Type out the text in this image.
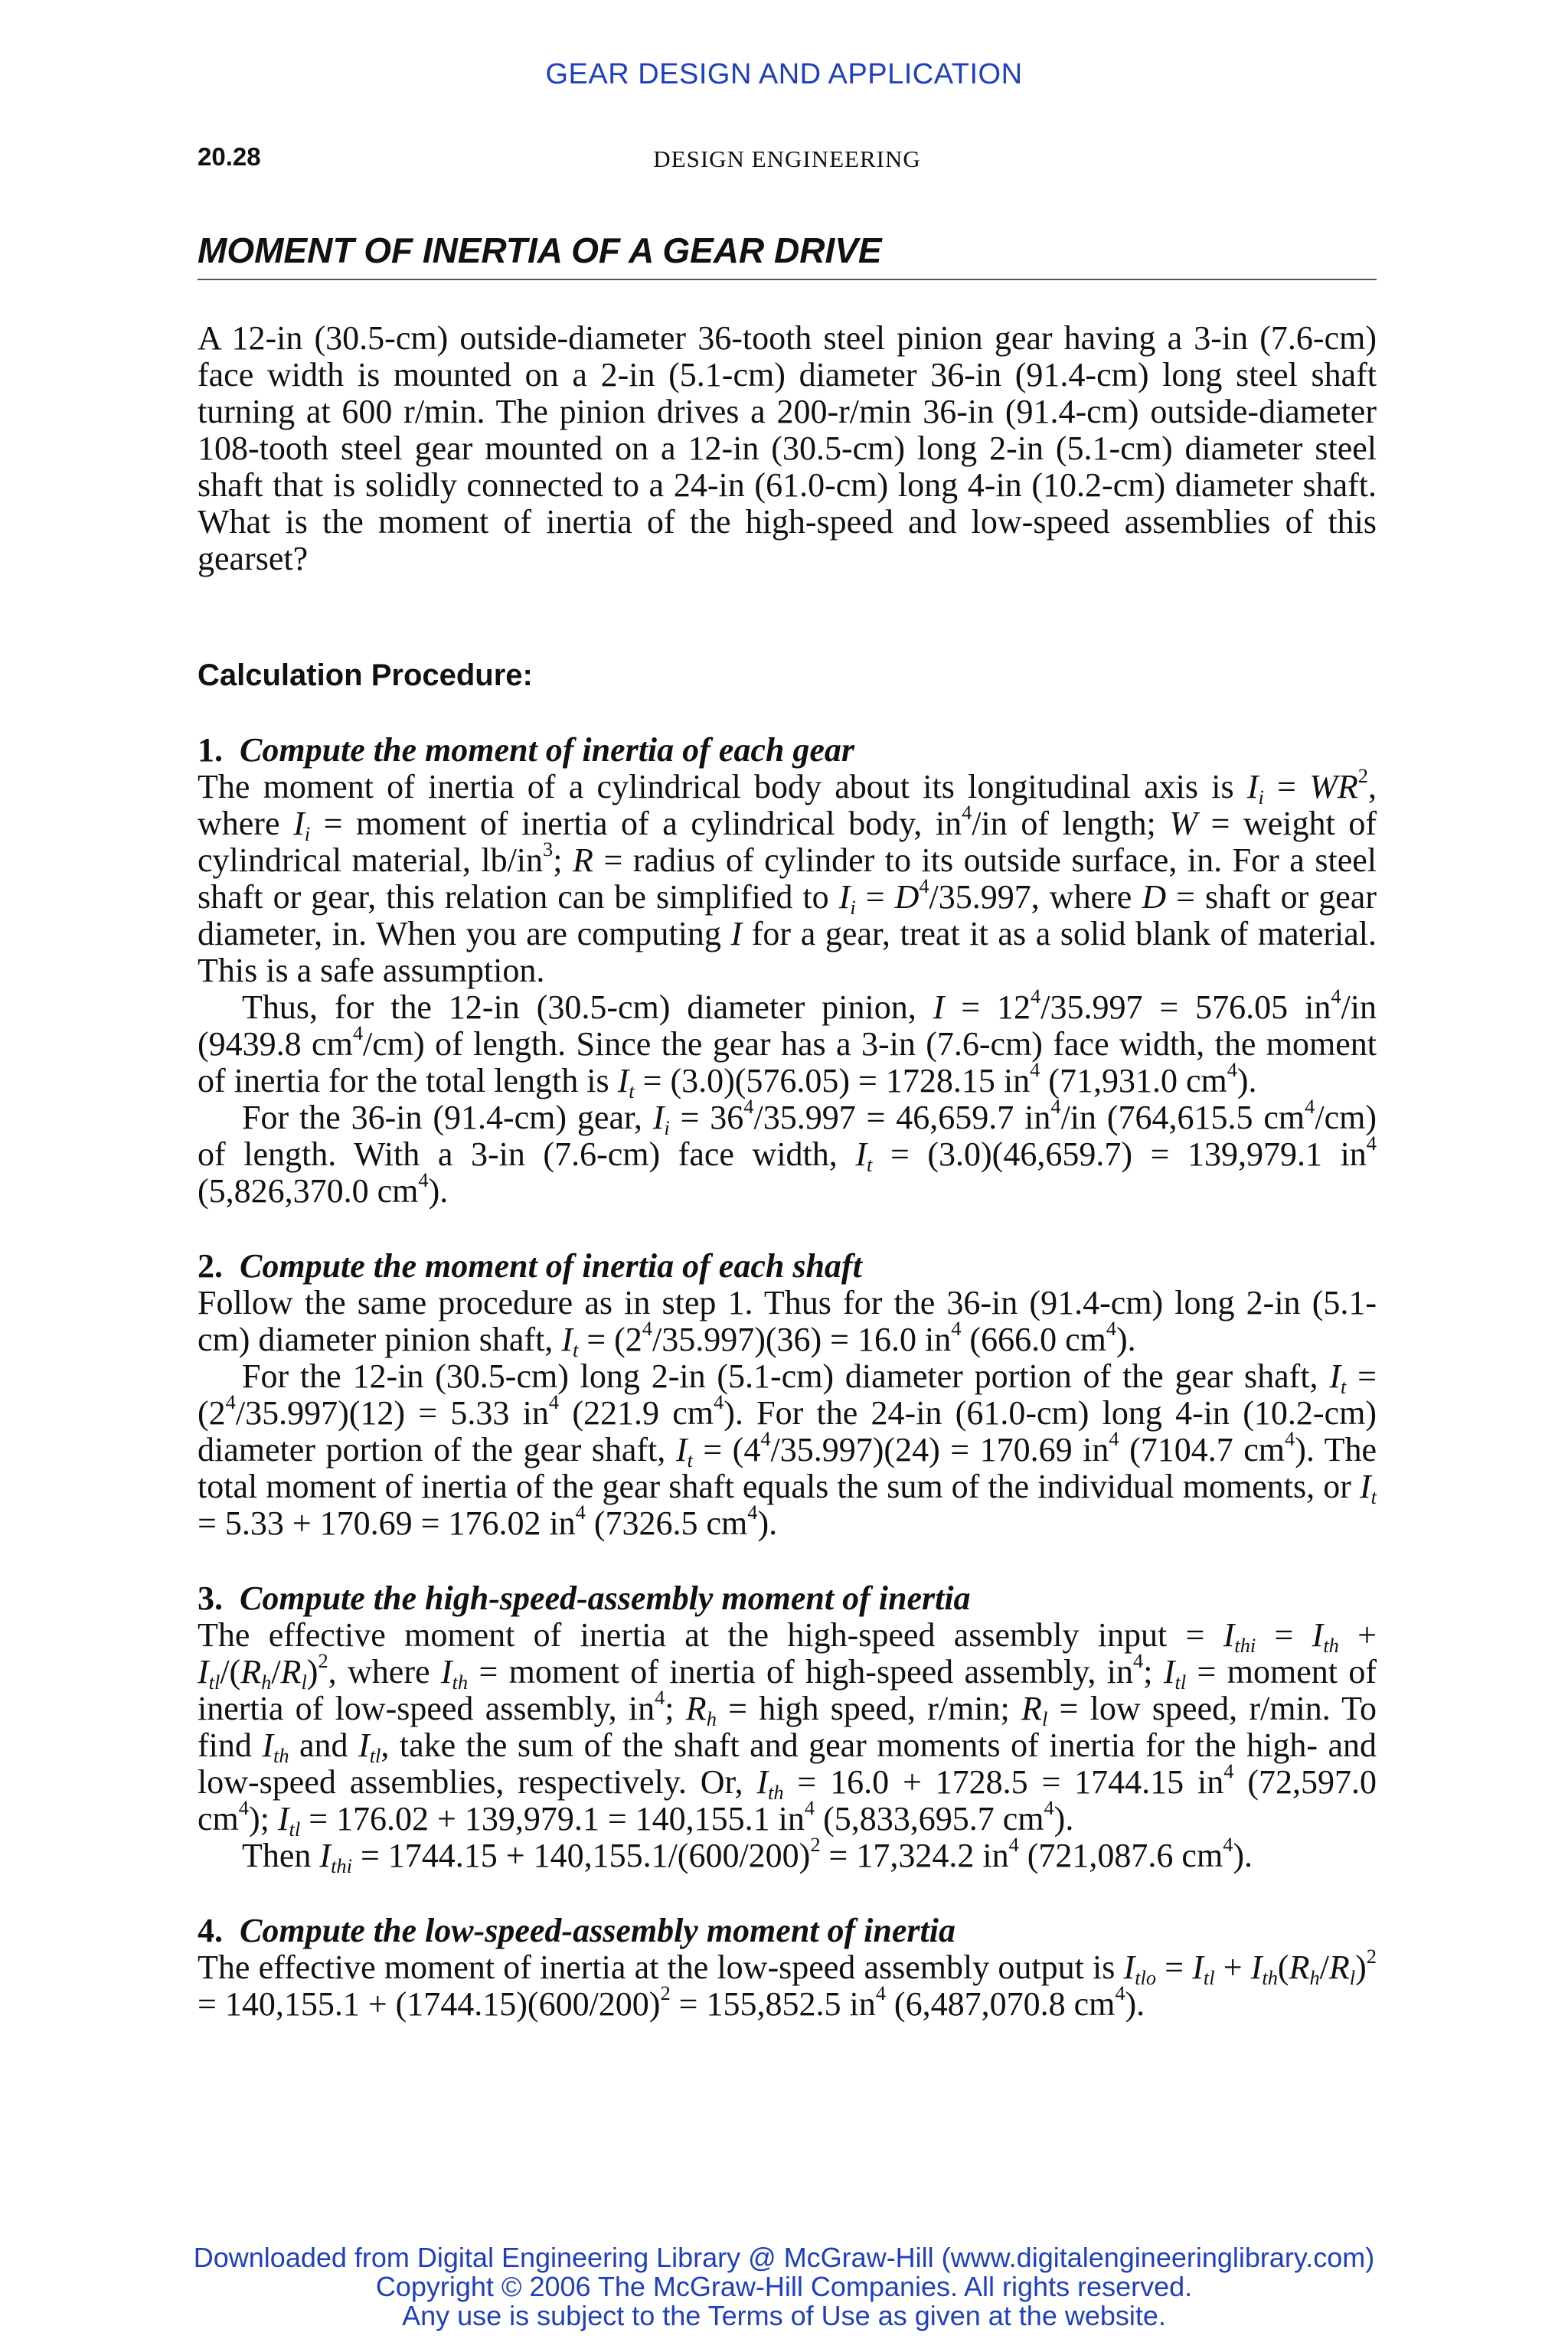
GEAR DESIGN AND APPLICATION
20.28	DESIGN ENGINEERING
MOMENT OF INERTIA OF A GEAR DRIVE

A 12-in (30.5-cm) outside-diameter 36-tooth steel pinion gear having a 3-in (7.6-cm) face width is mounted on a 2-in (5.1-cm) diameter 36-in (91.4-cm) long steel shaft turning at 600 r/min. The pinion drives a 200-r/min 36-in (91.4-cm) outside-diameter 108-tooth steel gear mounted on a 12-in (30.5-cm) long 2-in (5.1-cm) diameter steel shaft that is solidly connected to a 24-in (61.0-cm) long 4-in (10.2-cm) diameter shaft. What is the moment of inertia of the high-speed and low-speed assemblies of this gearset?

Calculation Procedure:

1. Compute the moment of inertia of each gear

The moment of inertia of a cylindrical body about its longitudinal axis is $I_i = WR^2$, where $I_i$ = moment of inertia of a cylindrical body, $in^4/in$ of length; W = weight of cylindrical material, $lb/in^3$; R = radius of cylinder to its outside surface, in. For a steel shaft or gear, this relation can be simplified to $I_i = D^4/35.997$, where D = shaft or gear diameter, in. When you are computing I for a gear, treat it as a solid blank of material. This is a safe assumption.

Thus, for the 12-in (30.5-cm) diameter pinion, $I = 12^4/35.997 = 576.05$ $in^4/in$ (9439.8 $cm^4/cm$) of length. Since the gear has a 3-in (7.6-cm) face width, the moment of inertia for the total length is $I_t = (3.0)(576.05) = 1728.15$ $in^4$ (71,931.0 $cm^4$).

For the 36-in (91.4-cm) gear, $I_i = 36^4/35.997 = 46,659.7$ $in^4/in$ (764,615.5 $cm^4/cm$) of length. With a 3-in (7.6-cm) face width, $I_t = (3.0)(46,659.7) = 139,979.1$ $in^4$ (5,826,370.0 $cm^4$).

2. Compute the moment of inertia of each shaft

Follow the same procedure as in step 1. Thus for the 36-in (91.4-cm) long 2-in (5.1-cm) diameter pinion shaft, $I_t = (2^4/35.997)(36) = 16.0$ $in^4$ (666.0 $cm^4$).

For the 12-in (30.5-cm) long 2-in (5.1-cm) diameter portion of the gear shaft, $I_t = (2^4/35.997)(12) = 5.33$ $in^4$ (221.9 $cm^4$). For the 24-in (61.0-cm) long 4-in (10.2-cm) diameter portion of the gear shaft, $I_t = (4^4/35.997)(24) = 170.69$ $in^4$ (7104.7 $cm^4$). The total moment of inertia of the gear shaft equals the sum of the individual moments, or $I_t = 5.33 + 170.69 = 176.02$ $in^4$ (7326.5 $cm^4$).

3. Compute the high-speed-assembly moment of inertia

The effective moment of inertia at the high-speed assembly input = $I_{thi} = I_{th} + I_{tl}/(R_h/R_l)^2$, where $I_{th}$ = moment of inertia of high-speed assembly, $in^4$; $I_{tl}$ = moment of inertia of low-speed assembly, $in^4$; $R_h$ = high speed, r/min; $R_l$ = low speed, r/min. To find $I_{th}$ and $I_{tl}$, take the sum of the shaft and gear moments of inertia for the high- and low-speed assemblies, respectively. Or, $I_{th} = 16.0 + 1728.5 = 1744.15$ $in^4$ (72,597.0 $cm^4$); $I_{tl} = 176.02 + 139,979.1 = 140,155.1$ $in^4$ (5,833,695.7 $cm^4$).

Then $I_{thi} = 1744.15 + 140,155.1/(600/200)^2 = 17,324.2$ $in^4$ (721,087.6 $cm^4$).

4. Compute the low-speed-assembly moment of inertia

The effective moment of inertia at the low-speed assembly output is $I_{tlo} = I_{tl} + I_{th}(R_h/R_l)^2 = 140,155.1 + (1744.15)(600/200)^2 = 155,852.5$ $in^4$ (6,487,070.8 $cm^4$).

Downloaded from Digital Engineering Library @ McGraw-Hill (www.digitalengineeringlibrary.com)
Copyright © 2006 The McGraw-Hill Companies. All rights reserved.
Any use is subject to the Terms of Use as given at the website.
